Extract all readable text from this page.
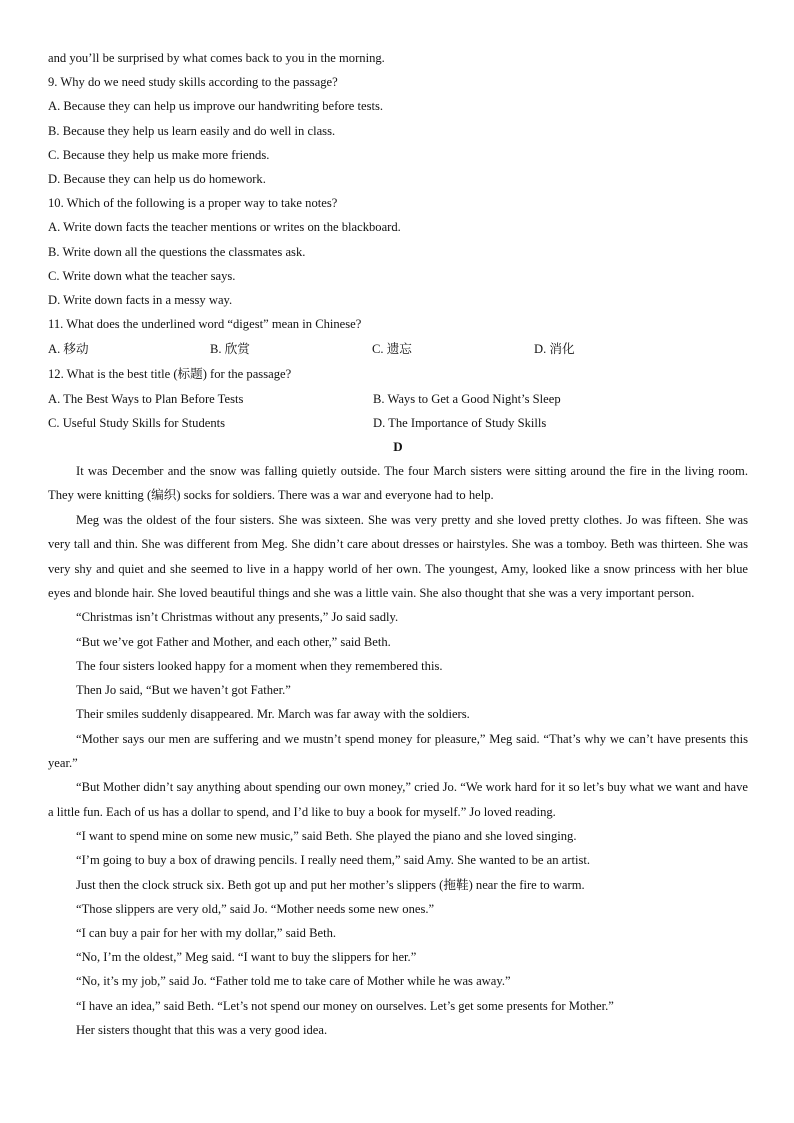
and you’ll be surprised by what comes back to you in the morning.
9. Why do we need study skills according to the passage?
A. Because they can help us improve our handwriting before tests.
B. Because they help us learn easily and do well in class.
C. Because they help us make more friends.
D. Because they can help us do homework.
10. Which of the following is a proper way to take notes?
A. Write down facts the teacher mentions or writes on the blackboard.
B. Write down all the questions the classmates ask.
C. Write down what the teacher says.
D. Write down facts in a messy way.
11. What does the underlined word “digest” mean in Chinese?
A. 移动	B. 欣赏	C. 遗忘	D. 消化
12. What is the best title (标题) for the passage?
A. The Best Ways to Plan Before Tests	B. Ways to Get a Good Night’s Sleep
C. Useful Study Skills for Students	D. The Importance of Study Skills
D
It was December and the snow was falling quietly outside. The four March sisters were sitting around the fire in the living room. They were knitting (编织) socks for soldiers. There was a war and everyone had to help.
Meg was the oldest of the four sisters. She was sixteen. She was very pretty and she loved pretty clothes. Jo was fifteen. She was very tall and thin. She was different from Meg. She didn’t care about dresses or hairstyles. She was a tomboy. Beth was thirteen. She was very shy and quiet and she seemed to live in a happy world of her own. The youngest, Amy, looked like a snow princess with her blue eyes and blonde hair. She loved beautiful things and she was a little vain. She also thought that she was a very important person.
“Christmas isn’t Christmas without any presents,” Jo said sadly.
“But we’ve got Father and Mother, and each other,” said Beth.
The four sisters looked happy for a moment when they remembered this.
Then Jo said, “But we haven’t got Father.”
Their smiles suddenly disappeared. Mr. March was far away with the soldiers.
“Mother says our men are suffering and we mustn’t spend money for pleasure,” Meg said. “That’s why we can’t have presents this year.”
“But Mother didn’t say anything about spending our own money,” cried Jo. “We work hard for it so let’s buy what we want and have a little fun. Each of us has a dollar to spend, and I’d like to buy a book for myself.” Jo loved reading.
“I want to spend mine on some new music,” said Beth. She played the piano and she loved singing.
“I’m going to buy a box of drawing pencils. I really need them,” said Amy. She wanted to be an artist.
Just then the clock struck six. Beth got up and put her mother’s slippers (拖鞋) near the fire to warm.
“Those slippers are very old,” said Jo. “Mother needs some new ones.”
“I can buy a pair for her with my dollar,” said Beth.
“No, I’m the oldest,” Meg said. “I want to buy the slippers for her.”
“No, it’s my job,” said Jo. “Father told me to take care of Mother while he was away.”
“I have an idea,” said Beth. “Let’s not spend our money on ourselves. Let’s get some presents for Mother.”
Her sisters thought that this was a very good idea.
